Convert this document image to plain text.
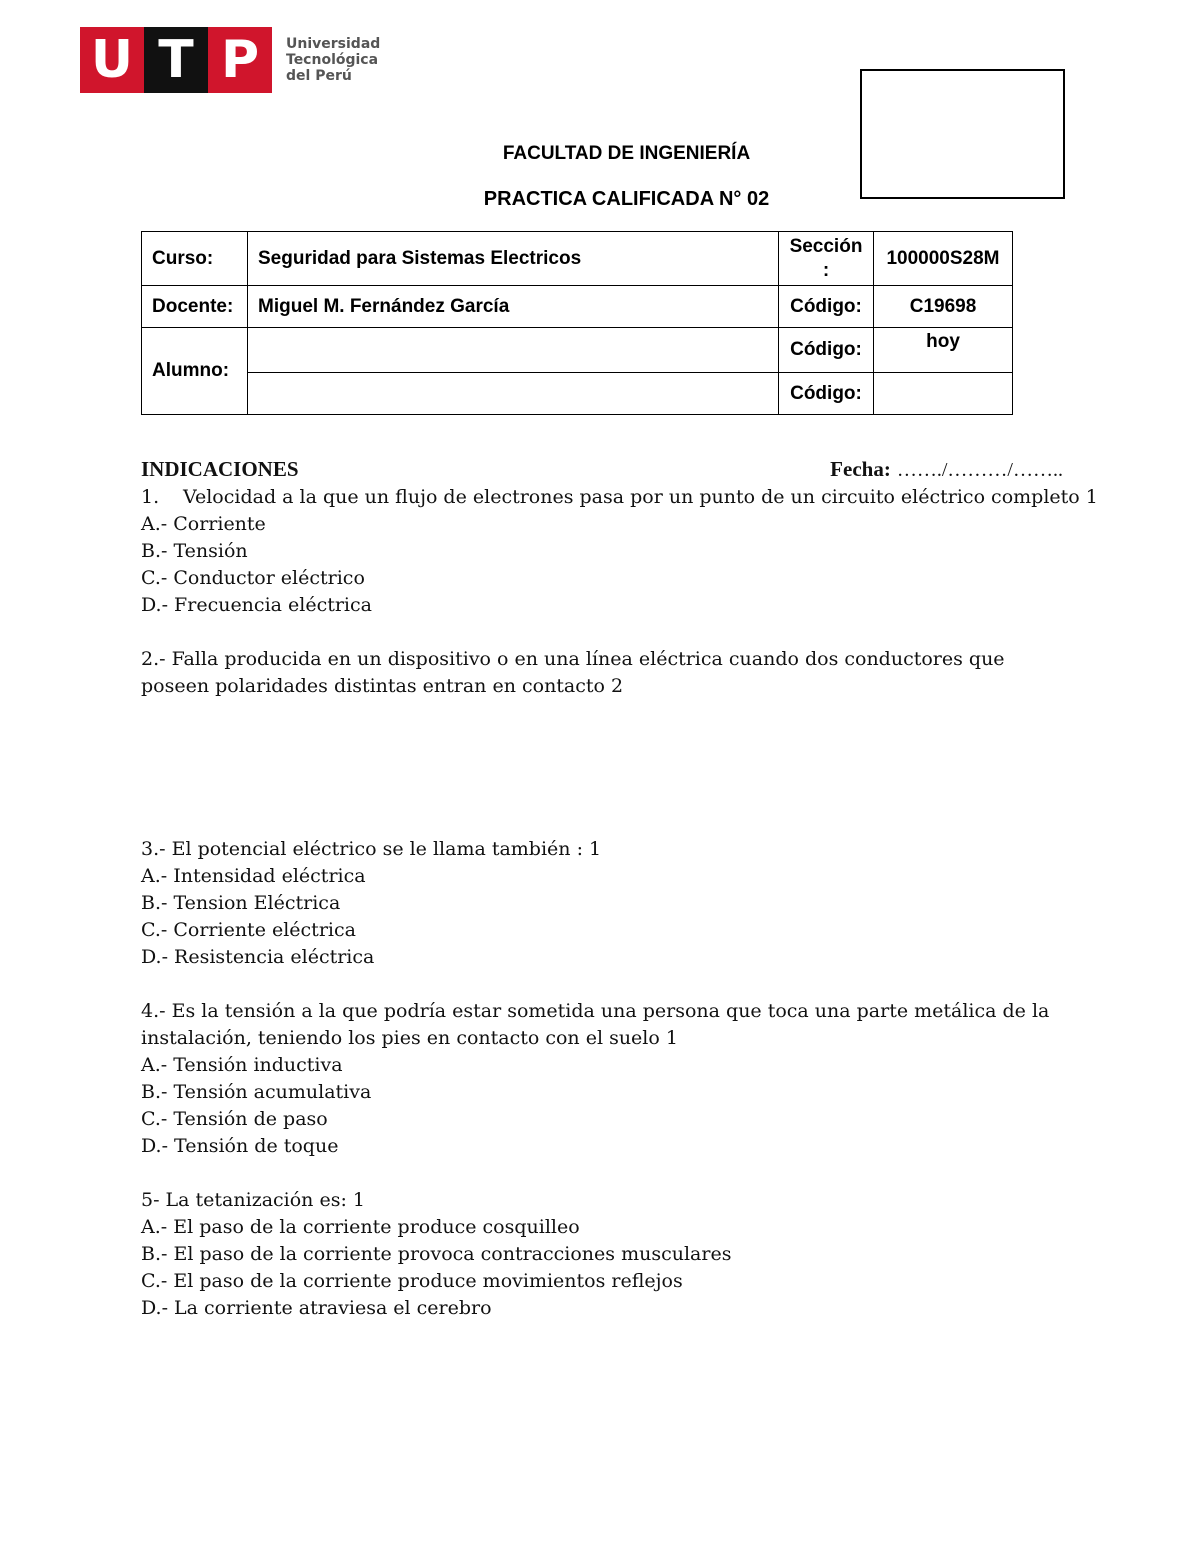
U T P	Universidad
Tecnológica
del Perú
FACULTAD DE INGENIERÍA
PRACTICA CALIFICADA N° 02
Curso:	Seguridad para Sistemas Electricos	Sección :	100000S28M
Docente:	Miguel M. Fernández García	Código:	C19698
Alumno:		Código:	hoy
		Código:	
INDICACIONES	Fecha: ……./………/……..

1. Velocidad a la que un flujo de electrones pasa por un punto de un circuito eléctrico completo 1

A.- Corriente

B.- Tensión

C.- Conductor eléctrico

D.- Frecuencia eléctrica

2.- Falla producida en un dispositivo o en una línea eléctrica cuando dos conductores que poseen polaridades distintas entran en contacto 2

3.- El potencial eléctrico se le llama también : 1

A.- Intensidad eléctrica

B.- Tension Eléctrica

C.- Corriente eléctrica

D.- Resistencia eléctrica

4.- Es la tensión a la que podría estar sometida una persona que toca una parte metálica de la instalación, teniendo los pies en contacto con el suelo 1

A.- Tensión inductiva

B.- Tensión acumulativa

C.- Tensión de paso

D.- Tensión de toque

5- La tetanización es: 1

A.- El paso de la corriente produce cosquilleo

B.- El paso de la corriente provoca contracciones musculares

C.- El paso de la corriente produce movimientos reflejos

D.- La corriente atraviesa el cerebro
